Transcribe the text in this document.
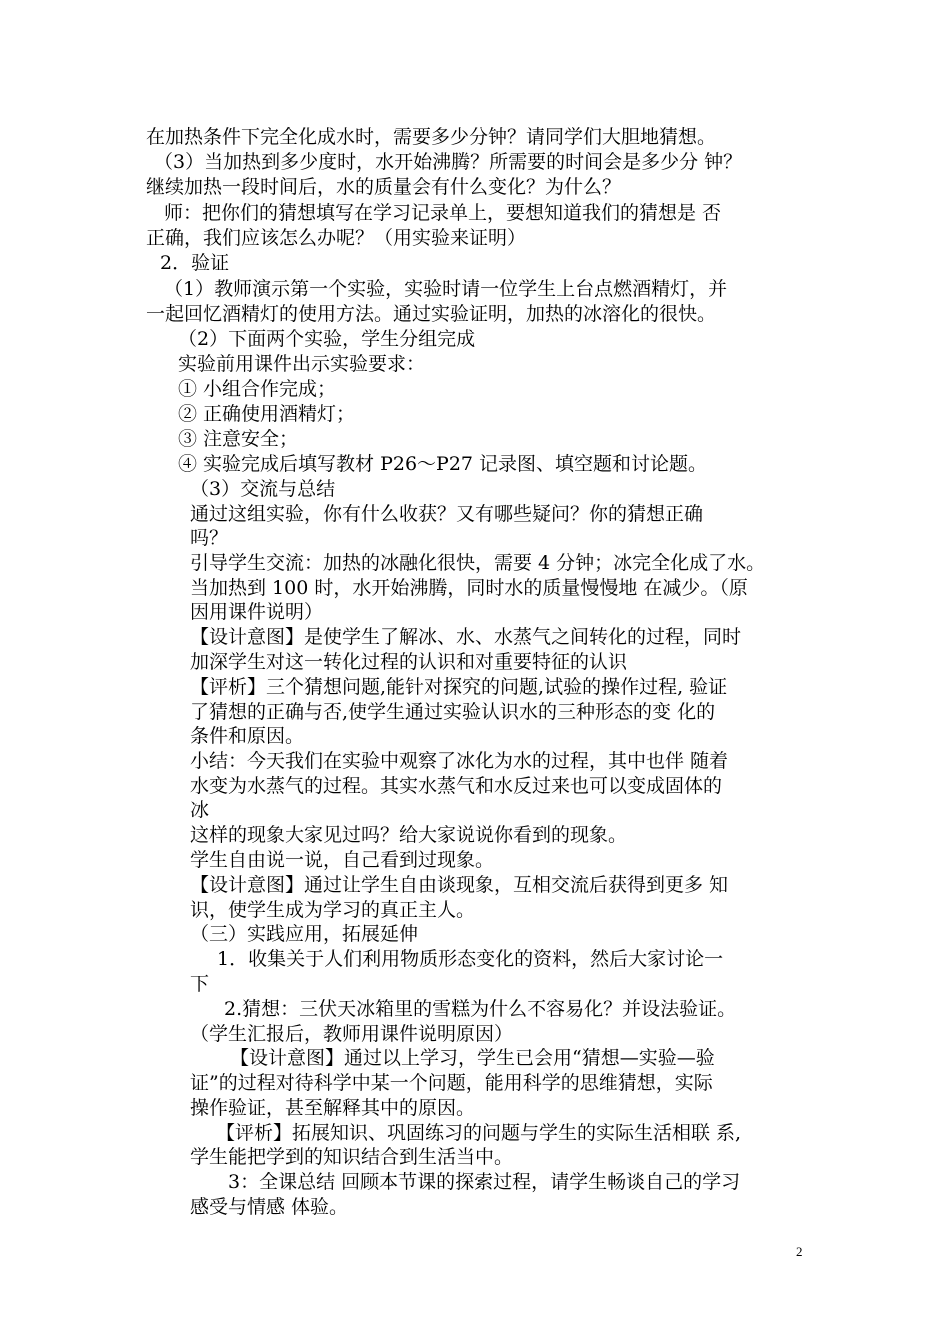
在加热条件下完全化成水时，需要多少分钟？请同学们大胆地猜想。

（3）当加热到多少度时，水开始沸腾？所需要的时间会是多少分 钟？

继续加热一段时间后，水的质量会有什么变化？为什么？

师：把你们的猜想填写在学习记录单上，要想知道我们的猜想是 否

正确，我们应该怎么办呢？（用实验来证明）

2．验证

（1）教师演示第一个实验，实验时请一位学生上台点燃酒精灯，并

一起回忆酒精灯的使用方法。通过实验证明，加热的冰溶化的很快。

（2）下面两个实验，学生分组完成

实验前用课件出示实验要求：

① 小组合作完成；

② 正确使用酒精灯；

③ 注意安全；

④ 实验完成后填写教材 P26～P27 记录图、填空题和讨论题。

（3）交流与总结

通过这组实验，你有什么收获？又有哪些疑问？你的猜想正确

吗？

引导学生交流：加热的冰融化很快，需要 4 分钟；冰完全化成了水。

当加热到 100 时，水开始沸腾，同时水的质量慢慢地 在减少。（原

因用课件说明）

【设计意图】是使学生了解冰、水、水蒸气之间转化的过程，同时

加深学生对这一转化过程的认识和对重要特征的认识

【评析】三个猜想问题,能针对探究的问题,试验的操作过程, 验证

了猜想的正确与否,使学生通过实验认识水的三种形态的变 化的

条件和原因。

小结：今天我们在实验中观察了冰化为水的过程，其中也伴 随着

水变为水蒸气的过程。其实水蒸气和水反过来也可以变成固体的

冰

这样的现象大家见过吗？给大家说说你看到的现象。

学生自由说一说，自己看到过现象。

【设计意图】通过让学生自由谈现象，互相交流后获得到更多 知

识，使学生成为学习的真正主人。

（三）实践应用，拓展延伸

1．收集关于人们利用物质形态变化的资料，然后大家讨论一

下

2.猜想：三伏天冰箱里的雪糕为什么不容易化？并设法验证。

（学生汇报后，教师用课件说明原因）

【设计意图】通过以上学习，学生已会用“猜想—实验—验

证”的过程对待科学中某一个问题，能用科学的思维猜想，实际

操作验证，甚至解释其中的原因。

【评析】拓展知识、巩固练习的问题与学生的实际生活相联 系,

学生能把学到的知识结合到生活当中。

3：全课总结 回顾本节课的探索过程，请学生畅谈自己的学习

感受与情感 体验。

2
